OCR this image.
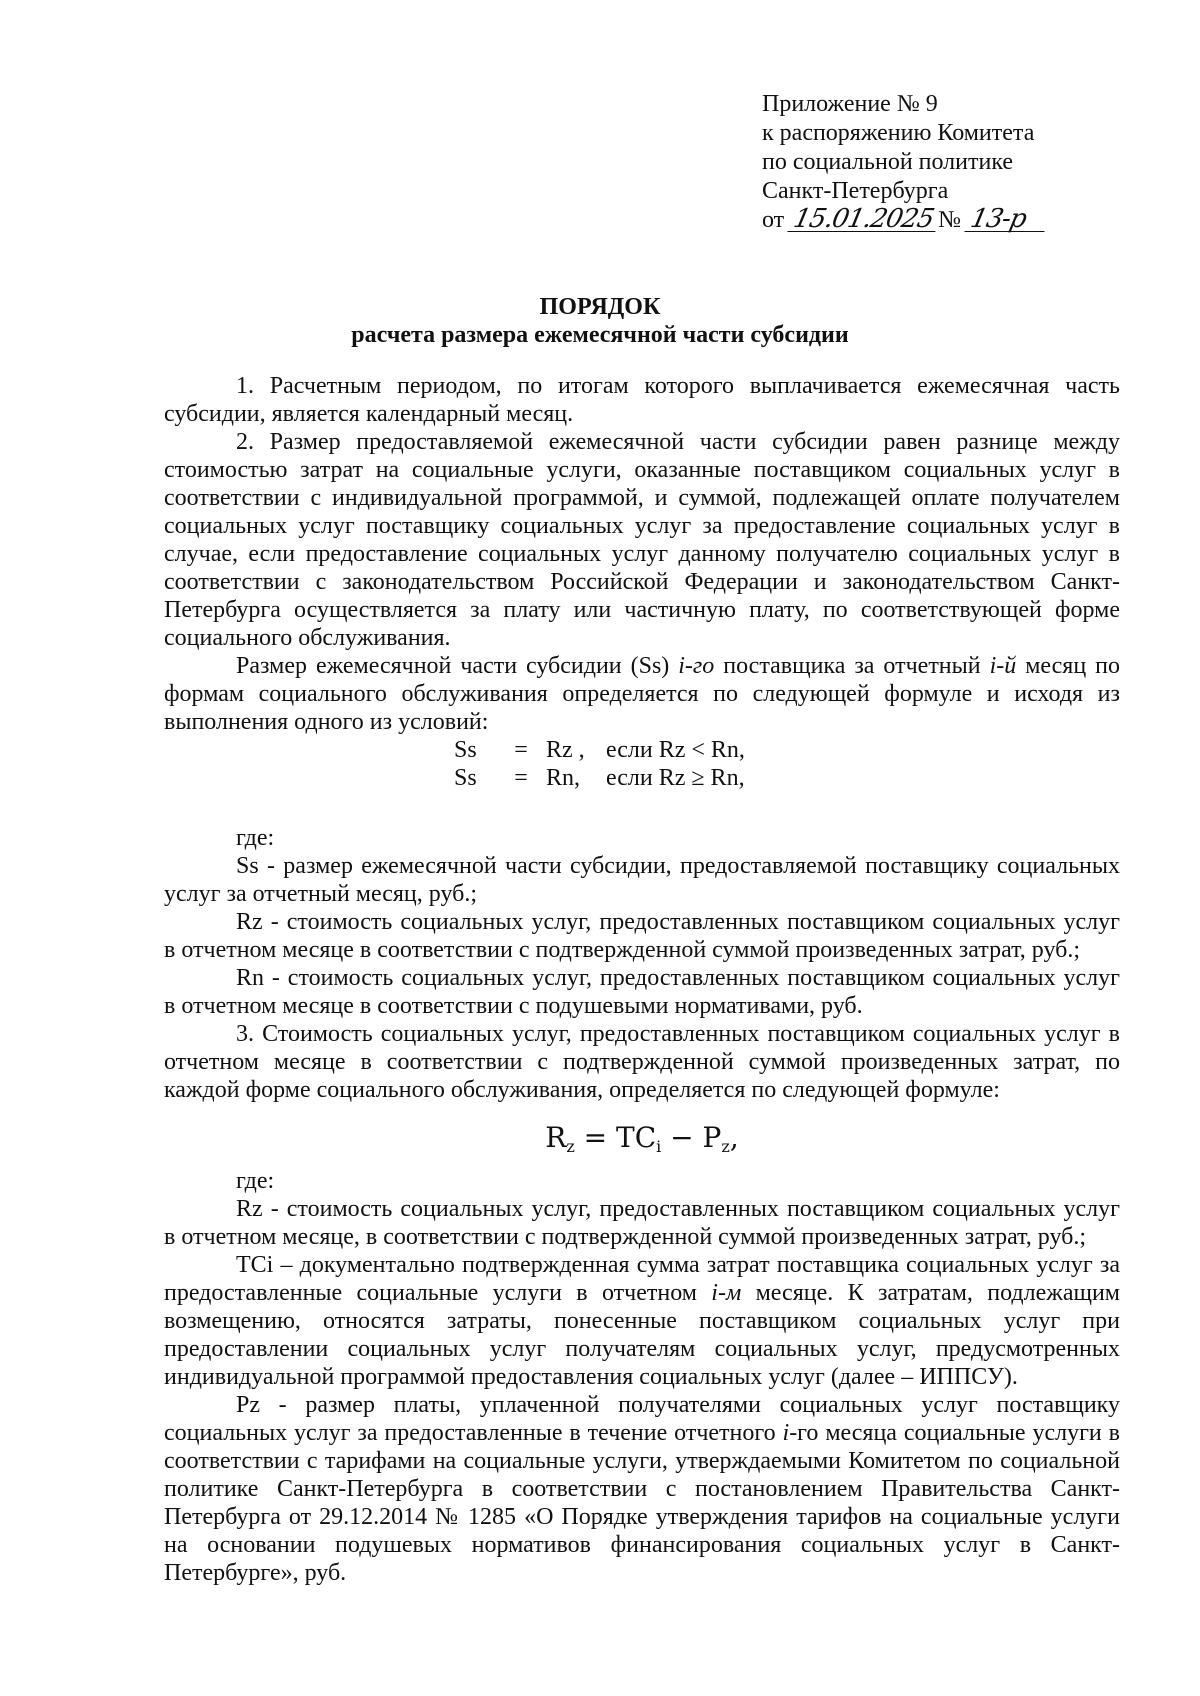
Приложение № 9
к распоряжению Комитета
по социальной политике
Санкт-Петербурга
от
15.01.2025 №
13-р
ПОРЯДОК
расчета размера ежемесячной части субсидии

1. Расчетным периодом, по итогам которого выплачивается ежемесячная часть субсидии, является календарный месяц.

2. Размер предоставляемой ежемесячной части субсидии равен разнице между стоимостью затрат на социальные услуги, оказанные поставщиком социальных услуг в соответствии с индивидуальной программой, и суммой, подлежащей оплате получателем социальных услуг поставщику социальных услуг за предоставление социальных услуг в случае, если предоставление социальных услуг данному получателю социальных услуг в соответствии с законодательством Российской Федерации и законодательством Санкт-Петербурга осуществляется за плату или частичную плату, по соответствующей форме социального обслуживания.

Размер ежемесячной части субсидии (Ss) i-го поставщика за отчетный i-й месяц по формам социального обслуживания определяется по следующей формуле и исходя из выполнения одного из условий:

Ss	= Rz , если Rz < Rn,
Ss	= Rn,	если Rz ≥ Rn,

где:

Ss - размер ежемесячной части субсидии, предоставляемой поставщику социальных услуг за отчетный месяц, руб.;

Rz - стоимость социальных услуг, предоставленных поставщиком социальных услуг в отчетном месяце в соответствии с подтвержденной суммой произведенных затрат, руб.;

Rn - стоимость социальных услуг, предоставленных поставщиком социальных услуг в отчетном месяце в соответствии с подушевыми нормативами, руб.

3. Стоимость социальных услуг, предоставленных поставщиком социальных услуг в отчетном месяце в соответствии с подтвержденной суммой произведенных затрат, по каждой форме социального обслуживания, определяется по следующей формуле:

$R_z = TC_i - P_z$,

где:

Rz - стоимость социальных услуг, предоставленных поставщиком социальных услуг в отчетном месяце, в соответствии с подтвержденной суммой произведенных затрат, руб.;

TCi – документально подтвержденная сумма затрат поставщика социальных услуг за предоставленные социальные услуги в отчетном i-м месяце. К затратам, подлежащим возмещению, относятся затраты, понесенные поставщиком социальных услуг при предоставлении социальных услуг получателям социальных услуг, предусмотренных индивидуальной программой предоставления социальных услуг (далее – ИППСУ).

Pz - размер платы, уплаченной получателями социальных услуг поставщику социальных услуг за предоставленные в течение отчетного i-го месяца социальные услуги в соответствии с тарифами на социальные услуги, утверждаемыми Комитетом по социальной политике Санкт-Петербурга в соответствии с постановлением Правительства Санкт-Петербурга от 29.12.2014 № 1285 «О Порядке утверждения тарифов на социальные услуги на основании подушевых нормативов финансирования социальных услуг в Санкт-Петербурге», руб.
